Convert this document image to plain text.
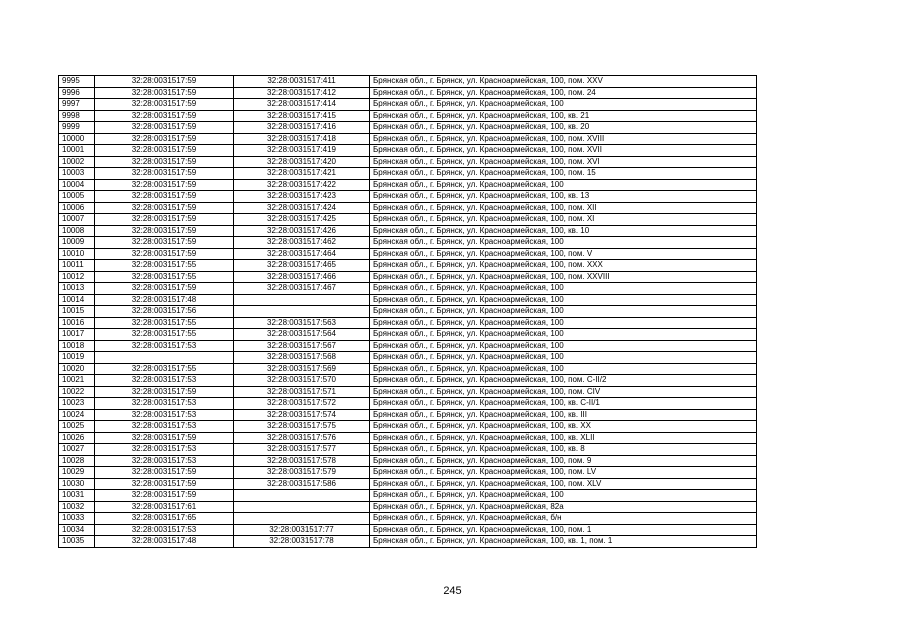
9995	32:28:0031517:59	32:28:0031517:411	Брянская обл., г. Брянск, ул. Красноармейская, 100, пом. XXV
9996	32:28:0031517:59	32:28:0031517:412	Брянская обл., г. Брянск, ул. Красноармейская, 100, пом. 24
9997	32:28:0031517:59	32:28:0031517:414	Брянская обл., г. Брянск, ул. Красноармейская, 100
9998	32:28:0031517:59	32:28:0031517:415	Брянская обл., г. Брянск, ул. Красноармейская, 100, кв. 21
9999	32:28:0031517:59	32:28:0031517:416	Брянская обл., г. Брянск, ул. Красноармейская, 100, кв. 20
10000	32:28:0031517:59	32:28:0031517:418	Брянская обл., г. Брянск, ул. Красноармейская, 100, пом. XVIII
10001	32:28:0031517:59	32:28:0031517:419	Брянская обл., г. Брянск, ул. Красноармейская, 100, пом. XVII
10002	32:28:0031517:59	32:28:0031517:420	Брянская обл., г. Брянск, ул. Красноармейская, 100, пом. XVI
10003	32:28:0031517:59	32:28:0031517:421	Брянская обл., г. Брянск, ул. Красноармейская, 100, пом. 15
10004	32:28:0031517:59	32:28:0031517:422	Брянская обл., г. Брянск, ул. Красноармейская, 100
10005	32:28:0031517:59	32:28:0031517:423	Брянская обл., г. Брянск, ул. Красноармейская, 100, кв. 13
10006	32:28:0031517:59	32:28:0031517:424	Брянская обл., г. Брянск, ул. Красноармейская, 100, пом. XII
10007	32:28:0031517:59	32:28:0031517:425	Брянская обл., г. Брянск, ул. Красноармейская, 100, пом. XI
10008	32:28:0031517:59	32:28:0031517:426	Брянская обл., г. Брянск, ул. Красноармейская, 100, кв. 10
10009	32:28:0031517:59	32:28:0031517:462	Брянская обл., г. Брянск, ул. Красноармейская, 100
10010	32:28:0031517:59	32:28:0031517:464	Брянская обл., г. Брянск, ул. Красноармейская, 100, пом. V
10011	32:28:0031517:55	32:28:0031517:465	Брянская обл., г. Брянск, ул. Красноармейская, 100, пом. XXX
10012	32:28:0031517:55	32:28:0031517:466	Брянская обл., г. Брянск, ул. Красноармейская, 100, пом. XXVIII
10013	32:28:0031517:59	32:28:0031517:467	Брянская обл., г. Брянск, ул. Красноармейская, 100
10014	32:28:0031517:48		Брянская обл., г. Брянск, ул. Красноармейская, 100
10015	32:28:0031517:56		Брянская обл., г. Брянск, ул. Красноармейская, 100
10016	32:28:0031517:55	32:28:0031517:563	Брянская обл., г. Брянск, ул. Красноармейская, 100
10017	32:28:0031517:55	32:28:0031517:564	Брянская обл., г. Брянск, ул. Красноармейская, 100
10018	32:28:0031517:53	32:28:0031517:567	Брянская обл., г. Брянск, ул. Красноармейская, 100
10019		32:28:0031517:568	Брянская обл., г. Брянск, ул. Красноармейская, 100
10020	32:28:0031517:55	32:28:0031517:569	Брянская обл., г. Брянск, ул. Красноармейская, 100
10021	32:28:0031517:53	32:28:0031517:570	Брянская обл., г. Брянск, ул. Красноармейская, 100, пом. С-II/2
10022	32:28:0031517:59	32:28:0031517:571	Брянская обл., г. Брянск, ул. Красноармейская, 100, пом. CIV
10023	32:28:0031517:53	32:28:0031517:572	Брянская обл., г. Брянск, ул. Красноармейская, 100, кв. С-II/1
10024	32:28:0031517:53	32:28:0031517:574	Брянская обл., г. Брянск, ул. Красноармейская, 100, кв. III
10025	32:28:0031517:53	32:28:0031517:575	Брянская обл., г. Брянск, ул. Красноармейская, 100, кв. XX
10026	32:28:0031517:59	32:28:0031517:576	Брянская обл., г. Брянск, ул. Красноармейская, 100, кв. XLII
10027	32:28:0031517:53	32:28:0031517:577	Брянская обл., г. Брянск, ул. Красноармейская, 100, кв. 8
10028	32:28:0031517:53	32:28:0031517:578	Брянская обл., г. Брянск, ул. Красноармейская, 100, пом. 9
10029	32:28:0031517:59	32:28:0031517:579	Брянская обл., г. Брянск, ул. Красноармейская, 100, пом. LV
10030	32:28:0031517:59	32:28:0031517:586	Брянская обл., г. Брянск, ул. Красноармейская, 100, пом. XLV
10031	32:28:0031517:59		Брянская обл., г. Брянск, ул. Красноармейская, 100
10032	32:28:0031517:61		Брянская обл., г. Брянск, ул. Красноармейская, 82а
10033	32:28:0031517:65		Брянская обл., г. Брянск, ул. Красноармейская, б/н
10034	32:28:0031517:53	32:28:0031517:77	Брянская обл., г. Брянск, ул. Красноармейская, 100, пом. 1
10035	32:28:0031517:48	32:28:0031517:78	Брянская обл., г. Брянск, ул. Красноармейская, 100, кв. 1, пом. 1
245
